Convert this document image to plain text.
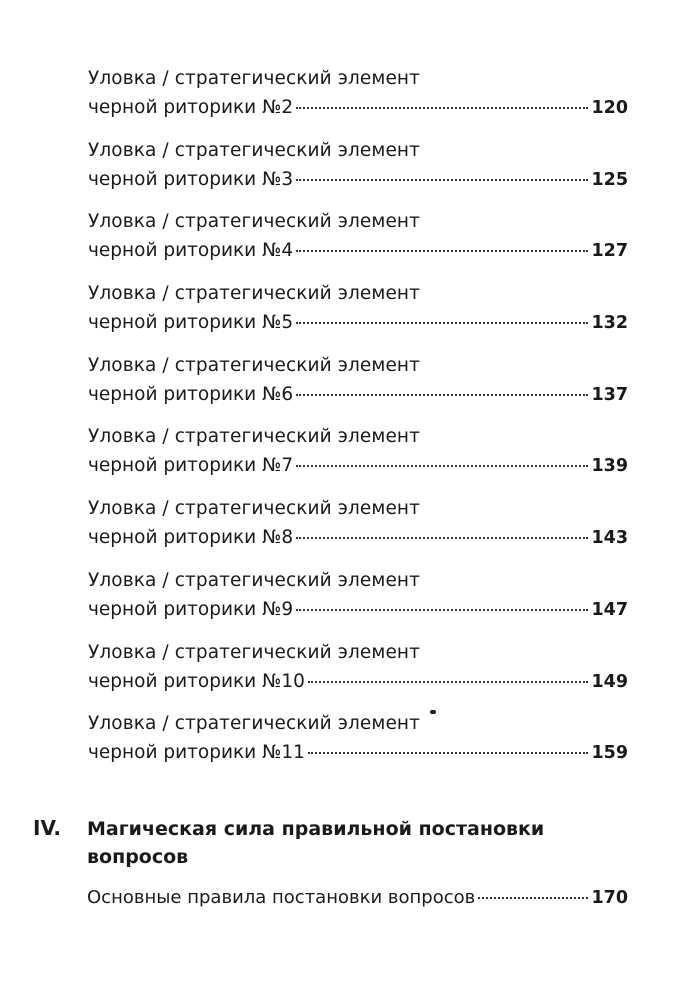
Уловка / стратегический элемент
черной риторики №2	120
Уловка / стратегический элемент
черной риторики №3	125
Уловка / стратегический элемент
черной риторики №4	127
Уловка / стратегический элемент
черной риторики №5	132
Уловка / стратегический элемент
черной риторики №6	137
Уловка / стратегический элемент
черной риторики №7	139
Уловка / стратегический элемент
черной риторики №8	143
Уловка / стратегический элемент
черной риторики №9	147
Уловка / стратегический элемент
черной риторики №10	149
Уловка / стратегический элемент
черной риторики №11	159
IV.	Магическая сила правильной постановки
вопросов
Основные правила постановки вопросов	170
